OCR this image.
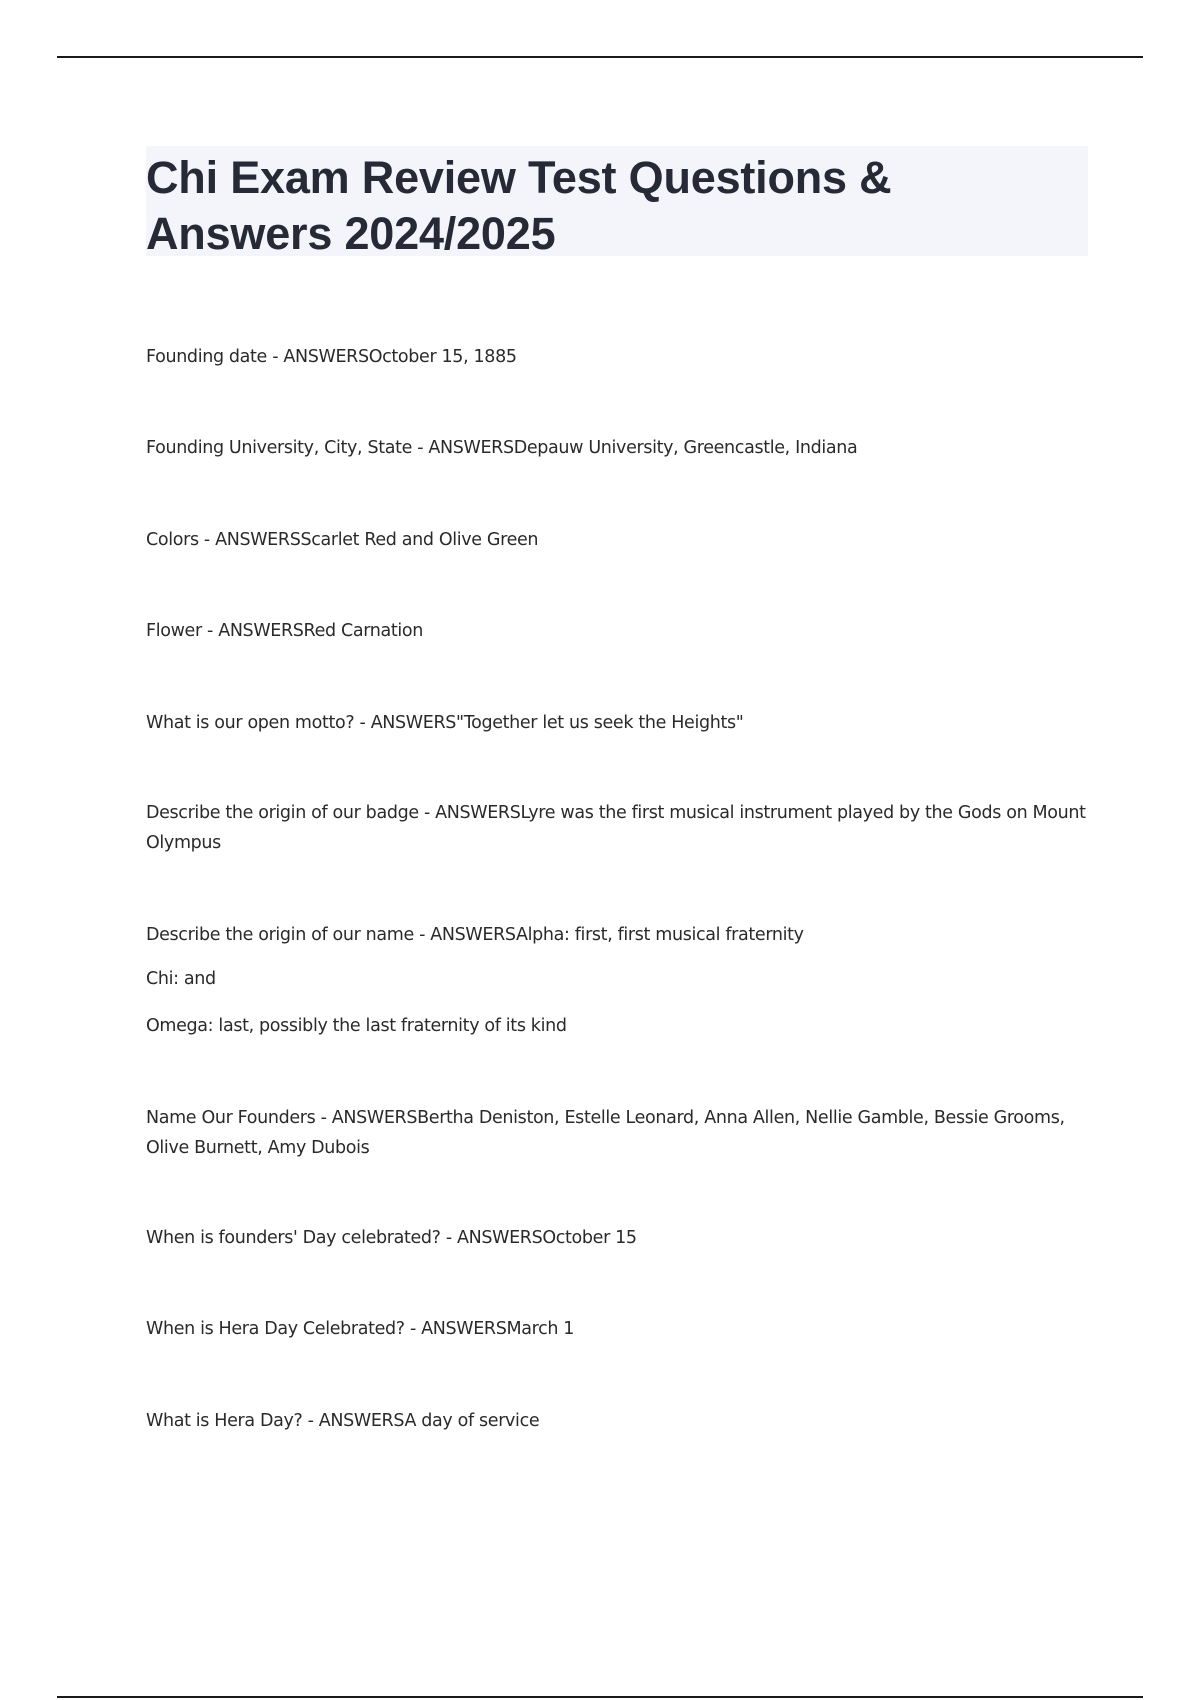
Chi Exam Review Test Questions &
Answers 2024/2025

Founding date - ANSWERSOctober 15, 1885

Founding University, City, State - ANSWERSDepauw University, Greencastle, Indiana

Colors - ANSWERSScarlet Red and Olive Green

Flower - ANSWERSRed Carnation

What is our open motto? - ANSWERS"Together let us seek the Heights"

Describe the origin of our badge - ANSWERSLyre was the first musical instrument played by the Gods on Mount Olympus

Describe the origin of our name - ANSWERSAlpha: first, first musical fraternity

Chi: and

Omega: last, possibly the last fraternity of its kind

Name Our Founders - ANSWERSBertha Deniston, Estelle Leonard, Anna Allen, Nellie Gamble, Bessie Grooms, Olive Burnett, Amy Dubois

When is founders' Day celebrated? - ANSWERSOctober 15

When is Hera Day Celebrated? - ANSWERSMarch 1

What is Hera Day? - ANSWERSA day of service
